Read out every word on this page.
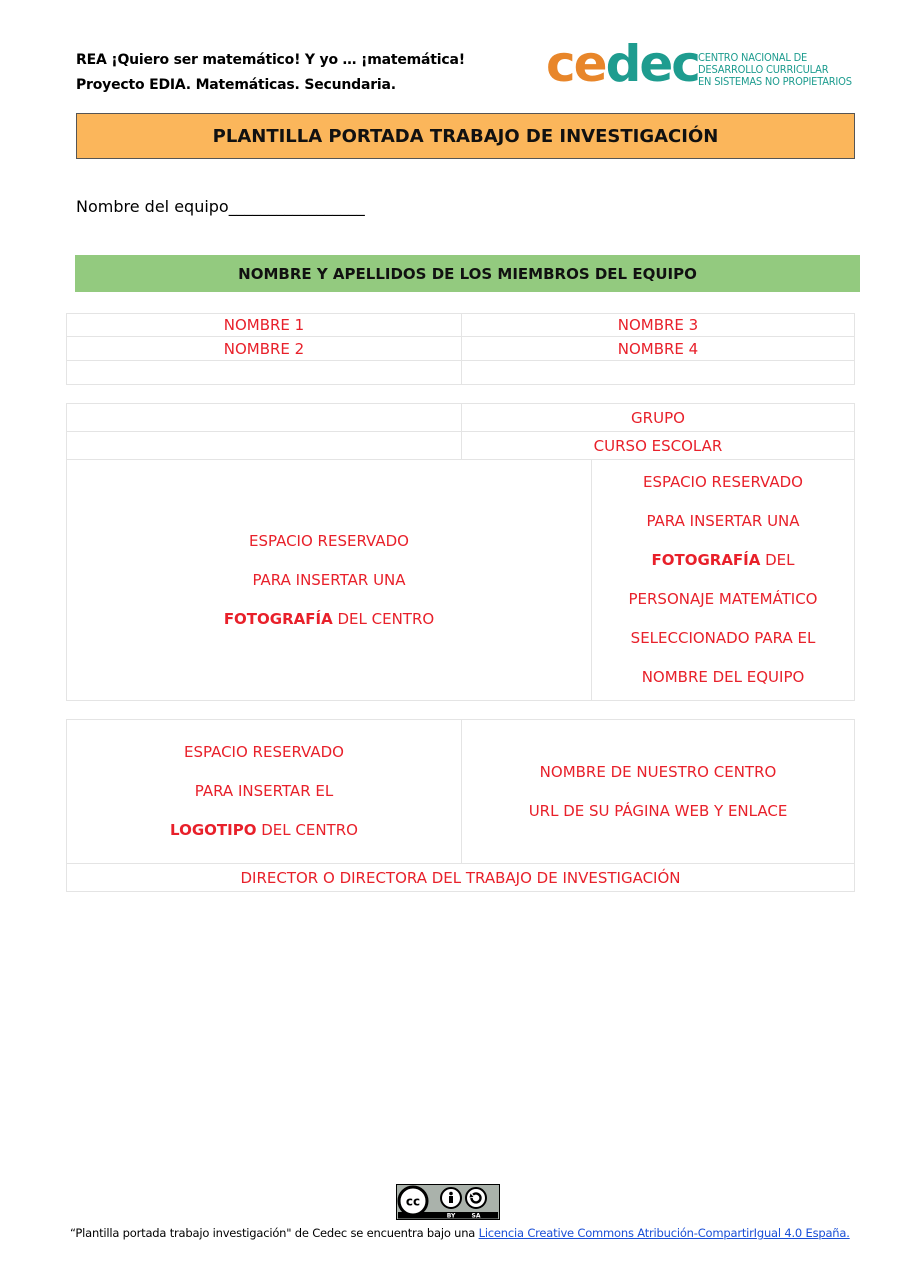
REA ¡Quiero ser matemático! Y yo … ¡matemática!
Proyecto EDIA. Matemáticas. Secundaria.	cedec CENTRO NACIONAL DE
DESARROLLO CURRICULAR
EN SISTEMAS NO PROPIETARIOS
PLANTILLA PORTADA TRABAJO DE INVESTIGACIÓN
Nombre del equipo_________________
NOMBRE Y APELLIDOS DE LOS MIEMBROS DEL EQUIPO
NOMBRE 1	NOMBRE 3
NOMBRE 2	NOMBRE 4

	GRUPO
	CURSO ESCOLAR
ESPACIO RESERVADO
PARA INSERTAR UNA
FOTOGRAFÍA DEL CENTRO

ESPACIO RESERVADO
PARA INSERTAR UNA
FOTOGRAFÍA DEL
PERSONAJE MATEMÁTICO
SELECCIONADO PARA EL
NOMBRE DEL EQUIPO
ESPACIO RESERVADO
PARA INSERTAR EL
LOGOTIPO DEL CENTRO

NOMBRE DE NUESTRO CENTRO
URL DE SU PÁGINA WEB Y ENLACE

DIRECTOR O DIRECTORA DEL TRABAJO DE INVESTIGACIÓN
cc
BY	SA
“Plantilla portada trabajo investigación" de Cedec se encuentra bajo una Licencia Creative Commons Atribución-CompartirIgual 4.0 España.
